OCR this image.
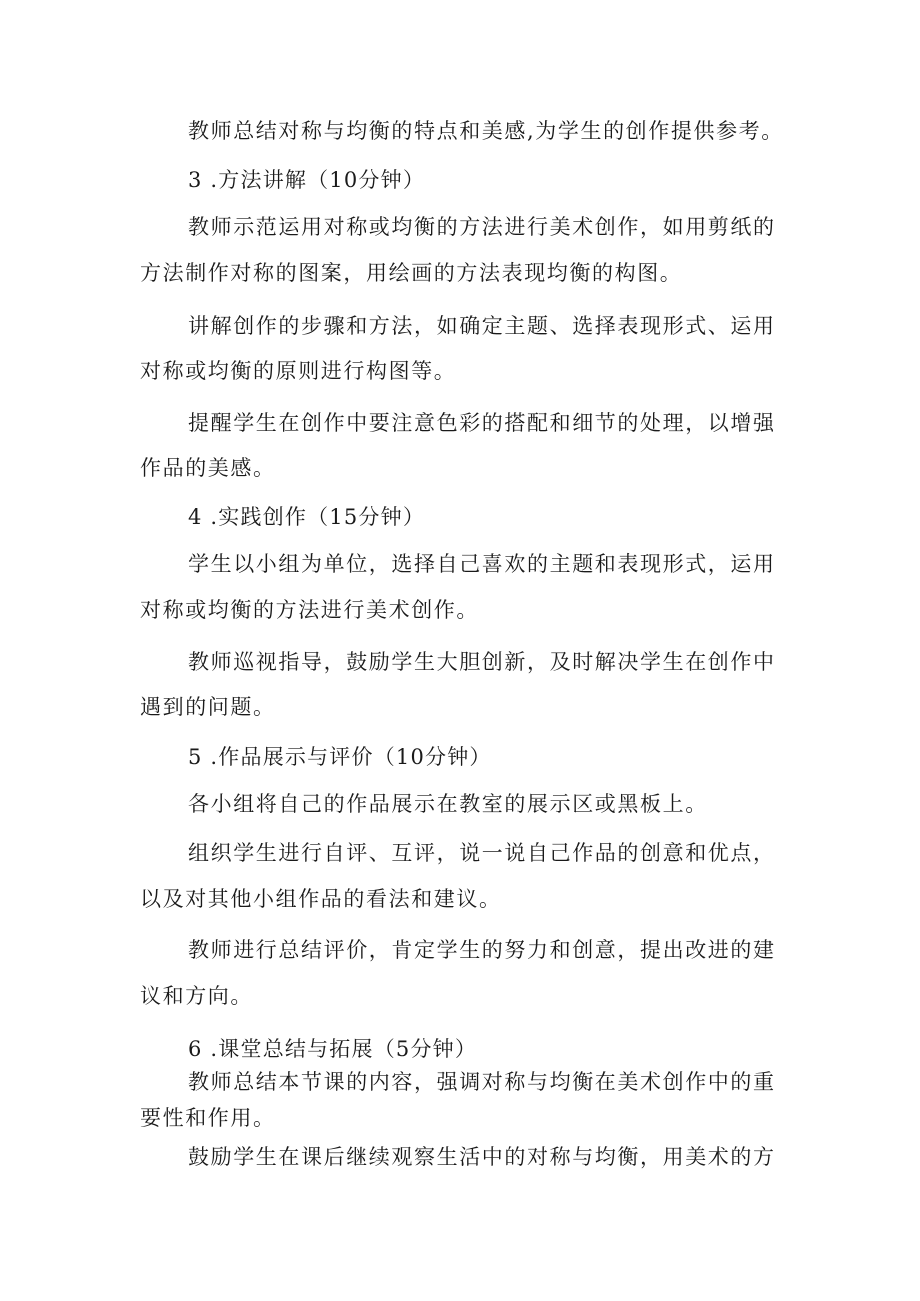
教师总结对称与均衡的特点和美感,为学生的创作提供参考。
3 .方法讲解（10分钟）
教师示范运用对称或均衡的方法进行美术创作，如用剪纸的
方法制作对称的图案，用绘画的方法表现均衡的构图。
讲解创作的步骤和方法，如确定主题、选择表现形式、运用
对称或均衡的原则进行构图等。
提醒学生在创作中要注意色彩的搭配和细节的处理，以增强
作品的美感。
4 .实践创作（15分钟）
学生以小组为单位，选择自己喜欢的主题和表现形式，运用
对称或均衡的方法进行美术创作。
教师巡视指导，鼓励学生大胆创新，及时解决学生在创作中
遇到的问题。
5 .作品展示与评价（10分钟）
各小组将自己的作品展示在教室的展示区或黑板上。
组织学生进行自评、互评，说一说自己作品的创意和优点，
以及对其他小组作品的看法和建议。
教师进行总结评价，肯定学生的努力和创意，提出改进的建
议和方向。
6 .课堂总结与拓展（5分钟）
教师总结本节课的内容，强调对称与均衡在美术创作中的重
要性和作用。
鼓励学生在课后继续观察生活中的对称与均衡，用美术的方
